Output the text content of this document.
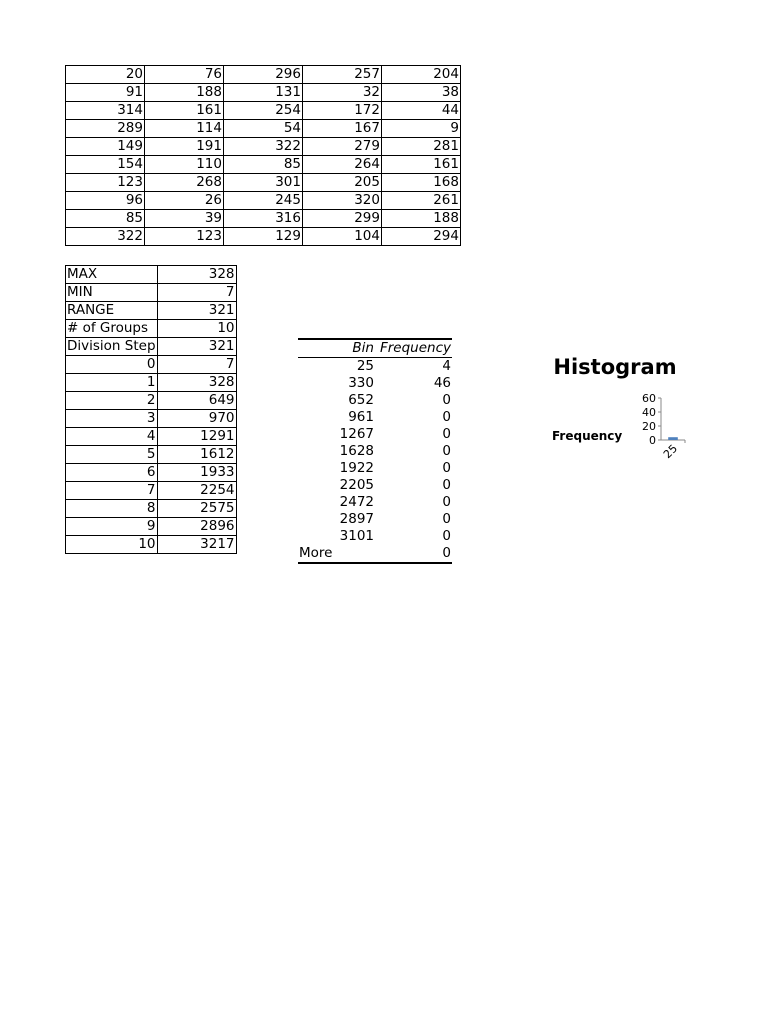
20	76	296	257	204
91	188	131	32	38
314	161	254	172	44
289	114	54	167	9
149	191	322	279	281
154	110	85	264	161
123	268	301	205	168
96	26	245	320	261
85	39	316	299	188
322	123	129	104	294
MAX	328
MIN	7
RANGE	321
# of Groups	10
Division Step	321
0	7
1	328
2	649
3	970
4	1291
5	1612
6	1933
7	2254
8	2575
9	2896
10	3217
Bin	Frequency
25	4
330	46
652	0
961	0
1267	0
1628	0
1922	0
2205	0
2472	0
2897	0
3101	0
More	0
Histogram
Frequency
60
40
20
0
25
